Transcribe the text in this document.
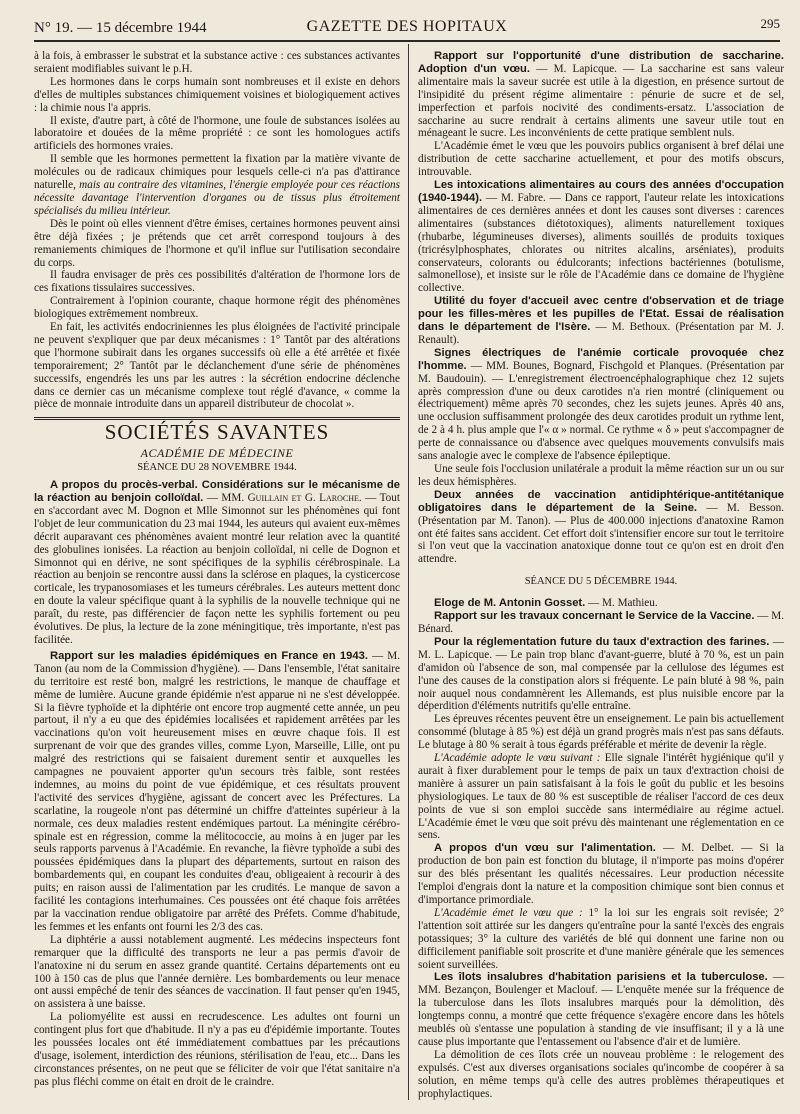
N° 19. — 15 décembre 1944	GAZETTE DES HOPITAUX	295

à la fois, à embrasser le substrat et la substance active : ces substances activantes seraient modifiables suivant le p.H.

Les hormones dans le corps humain sont nombreuses et il existe en dehors d'elles de multiples substances chimiquement voisines et biologiquement actives : la chimie nous l'a appris.

Il existe, d'autre part, à côté de l'hormone, une foule de substances isolées au laboratoire et douées de la même propriété : ce sont les homologues actifs artificiels des hormones vraies.

Il semble que les hormones permettent la fixation par la matière vivante de molécules ou de radicaux chimiques pour lesquels celle-ci n'a pas d'attirance naturelle, mais au contraire des vitamines, l'énergie employée pour ces réactions nécessite davantage l'intervention d'organes ou de tissus plus étroitement spécialisés du milieu intérieur.

Dès le point où elles viennent d'être émises, certaines hormones peuvent ainsi être déjà fixées ; je prétends que cet arrêt correspond toujours à des remaniements chimiques de l'hormone et qu'il influe sur l'utilisation secondaire du corps.

Il faudra envisager de près ces possibilités d'altération de l'hormone lors de ces fixations tissulaires successives.

Contrairement à l'opinion courante, chaque hormone régit des phénomènes biologiques extrêmement nombreux.

En fait, les activités endocriniennes les plus éloignées de l'activité principale ne peuvent s'expliquer que par deux mécanismes : 1° Tantôt par des altérations que l'hormone subirait dans les organes successifs où elle a été arrêtée et fixée temporairement; 2° Tantôt par le déclanchement d'une série de phénomènes successifs, engendrés les uns par les autres : la sécrétion endocrine déclenche dans ce dernier cas un mécanisme complexe tout réglé d'avance, « comme la pièce de monnaie introduite dans un appareil distributeur de chocolat ».

SOCIÉTÉS SAVANTES
ACADÉMIE DE MÉDECINE
SÉANCE DU 28 NOVEMBRE 1944.

A propos du procès-verbal. Considérations sur le mécanisme de la réaction au benjoin colloïdal. — MM. Guillain et G. Laroche. — Tout en s'accordant avec M. Dognon et Mlle Simonnot sur les phénomènes qui font l'objet de leur communication du 23 mai 1944, les auteurs qui avaient eux-mêmes décrit auparavant ces phénomènes avaient montré leur relation avec la quantité des globulines ionisées. La réaction au benjoin colloïdal, ni celle de Dognon et Simonnot qui en dérive, ne sont spécifiques de la syphilis cérébrospinale. La réaction au benjoin se rencontre aussi dans la sclérose en plaques, la cysticercose corticale, les trypanosomiases et les tumeurs cérébrales. Les auteurs mettent donc en doute la valeur spécifique quant à la syphilis de la nouvelle technique qui ne paraît, du reste, pas différencier de façon nette les syphilis fortement ou peu évolutives. De plus, la lecture de la zone méningitique, très importante, n'est pas facilitée.

Rapport sur les maladies épidémiques en France en 1943. — M. Tanon (au nom de la Commission d'hygiène). — Dans l'ensemble, l'état sanitaire du territoire est resté bon, malgré les restrictions, le manque de chauffage et même de lumière. Aucune grande épidémie n'est apparue ni ne s'est développée. Si la fièvre typhoïde et la diphtérie ont encore trop augmenté cette année, un peu partout, il n'y a eu que des épidémies localisées et rapidement arrêtées par les vaccinations qu'on voit heureusement mises en œuvre chaque fois. Il est surprenant de voir que des grandes villes, comme Lyon, Marseille, Lille, ont pu malgré des restrictions qui se faisaient durement sentir et auxquelles les campagnes ne pouvaient apporter qu'un secours très faible, sont restées indemnes, au moins du point de vue épidémique, et ces résultats prouvent l'activité des services d'hygiène, agissant de concert avec les Préfectures. La scarlatine, la rougeole n'ont pas déterminé un chiffre d'atteintes supérieur à la normale, ces deux maladies restent endémiques partout. La méningite cérébro-spinale est en régression, comme la mélitococcie, au moins à en juger par les seuls rapports parvenus à l'Académie. En revanche, la fièvre typhoïde a subi des poussées épidémiques dans la plupart des départements, surtout en raison des bombardements qui, en coupant les conduites d'eau, obligeaient à recourir à des puits; en raison aussi de l'alimentation par les crudités. Le manque de savon a facilité les contagions interhumaines. Ces poussées ont été chaque fois arrêtées par la vaccination rendue obligatoire par arrêté des Préfets. Comme d'habitude, les femmes et les enfants ont fourni les 2/3 des cas.

La diphtérie a aussi notablement augmenté. Les médecins inspecteurs font remarquer que la difficulté des transports ne leur a pas permis d'avoir de l'anatoxine ni du serum en assez grande quantité. Certains départements ont eu 100 à 150 cas de plus que l'année dernière. Les bombardements ou leur menace ont aussi empêché de tenir des séances de vaccination. Il faut penser qu'en 1945, on assistera à une baisse.

La poliomyélite est aussi en recrudescence. Les adultes ont fourni un contingent plus fort que d'habitude. Il n'y a pas eu d'épidémie importante. Toutes les poussées locales ont été immédiatement combattues par les précautions d'usage, isolement, interdiction des réunions, stérilisation de l'eau, etc... Dans les circonstances présentes, on ne peut que se féliciter de voir que l'état sanitaire n'a pas plus fléchi comme on était en droit de le craindre.

Rapport sur l'opportunité d'une distribution de saccharine. Adoption d'un vœu. — M. Lapicque. — La saccharine est sans valeur alimentaire mais la saveur sucrée est utile à la digestion, en présence surtout de l'insipidité du présent régime alimentaire : pénurie de sucre et de sel, imperfection et parfois nocivité des condiments-ersatz. L'association de saccharine au sucre rendrait à certains aliments une saveur utile tout en ménageant le sucre. Les inconvénients de cette pratique semblent nuls.

L'Académie émet le vœu que les pouvoirs publics organisent à bref délai une distribution de cette saccharine actuellement, et pour des motifs obscurs, introuvable.

Les intoxications alimentaires au cours des années d'occupation (1940-1944). — M. Fabre. — Dans ce rapport, l'auteur relate les intoxications alimentaires de ces dernières années et dont les causes sont diverses : carences alimentaires (substances diétotoxiques), aliments naturellement toxiques (rhubarbe, légumineuses diverses), aliments souillés de produits toxiques (tricrésylphosphates, chlorates ou nitrites alcalins, arséniates), produits conservateurs, colorants ou édulcorants; infections bactériennes (botulisme, salmonellose), et insiste sur le rôle de l'Académie dans ce domaine de l'hygiène collective.

Utilité du foyer d'accueil avec centre d'observation et de triage pour les filles-mères et les pupilles de l'Etat. Essai de réalisation dans le département de l'Isère. — M. Bethoux. (Présentation par M. J. Renault).

Signes électriques de l'anémie corticale provoquée chez l'homme. — MM. Bounes, Bognard, Fischgold et Planques. (Présentation par M. Baudouin). — L'enregistrement électroencéphalographique chez 12 sujets après compression d'une ou deux carotides n'a rien montré (cliniquement ou électriquement) même après 70 secondes, chez les sujets jeunes. Après 40 ans, une occlusion suffisamment prolongée des deux carotides produit un rythme lent, de 2 à 4 h. plus ample que l'« α » normal. Ce rythme « δ » peut s'accompagner de perte de connaissance ou d'absence avec quelques mouvements convulsifs mais sans analogie avec le complexe de l'absence épileptique.

Une seule fois l'occlusion unilatérale a produit la même réaction sur un ou sur les deux hémisphères.

Deux années de vaccination antidiphtérique-antitétanique obligatoires dans le département de la Seine. — M. Besson. (Présentation par M. Tanon). — Plus de 400.000 injections d'anatoxine Ramon ont été faites sans accident. Cet effort doit s'intensifier encore sur tout le territoire si l'on veut que la vaccination anatoxique donne tout ce qu'on est en droit d'en attendre.

SÉANCE DU 5 DÉCEMBRE 1944.

Eloge de M. Antonin Gosset. — M. Mathieu.

Rapport sur les travaux concernant le Service de la Vaccine. — M. Bénard.

Pour la réglementation future du taux d'extraction des farines. — M. L. Lapicque. — Le pain trop blanc d'avant-guerre, bluté à 70 %, est un pain d'amidon où l'absence de son, mal compensée par la cellulose des légumes est l'une des causes de la constipation alors si fréquente. Le pain bluté à 98 %, pain noir auquel nous condamnèrent les Allemands, est plus nuisible encore par la déperdition d'éléments nutritifs qu'elle entraîne.

Les épreuves récentes peuvent être un enseignement. Le pain bis actuellement consommé (blutage à 85 %) est déjà un grand progrès mais n'est pas sans défauts. Le blutage à 80 % serait à tous égards préférable et mérite de devenir la règle.

L'Académie adopte le vœu suivant : Elle signale l'intérêt hygiénique qu'il y aurait à fixer durablement pour le temps de paix un taux d'extraction choisi de manière à assurer un pain satisfaisant à la fois le goût du public et les besoins physiologiques. Le taux de 80 % est susceptible de réaliser l'accord de ces deux points de vue si son emploi succède sans intermédiaire au régime actuel. L'Académie émet le vœu que soit prévu dès maintenant une réglementation en ce sens.

A propos d'un vœu sur l'alimentation. — M. Delbet. — Si la production de bon pain est fonction du blutage, il n'importe pas moins d'opérer sur des blés présentant les qualités nécessaires. Leur production nécessite l'emploi d'engrais dont la nature et la composition chimique sont bien connus et d'importance primordiale.

L'Académie émet le vœu que : 1° la loi sur les engrais soit revisée; 2° l'attention soit attirée sur les dangers qu'entraîne pour la santé l'excès des engrais potassiques; 3° la culture des variétés de blé qui donnent une farine non ou difficilement panifiable soit proscrite et d'une manière générale que les semences soient surveillées.

Les îlots insalubres d'habitation parisiens et la tuberculose. — MM. Bezançon, Boulenger et Maclouf. — L'enquête menée sur la fréquence de la tuberculose dans les îlots insalubres marqués pour la démolition, dès longtemps connu, a montré que cette fréquence s'exagère encore dans les hôtels meublés où s'entasse une population à standing de vie insuffisant; il y a là une cause plus importante que l'entassement ou l'absence d'air et de lumière.

La démolition de ces îlots crée un nouveau problème : le relogement des expulsés. C'est aux diverses organisations sociales qu'incombe de coopérer à sa solution, en même temps qu'à celle des autres problèmes thérapeutiques et prophylactiques.
